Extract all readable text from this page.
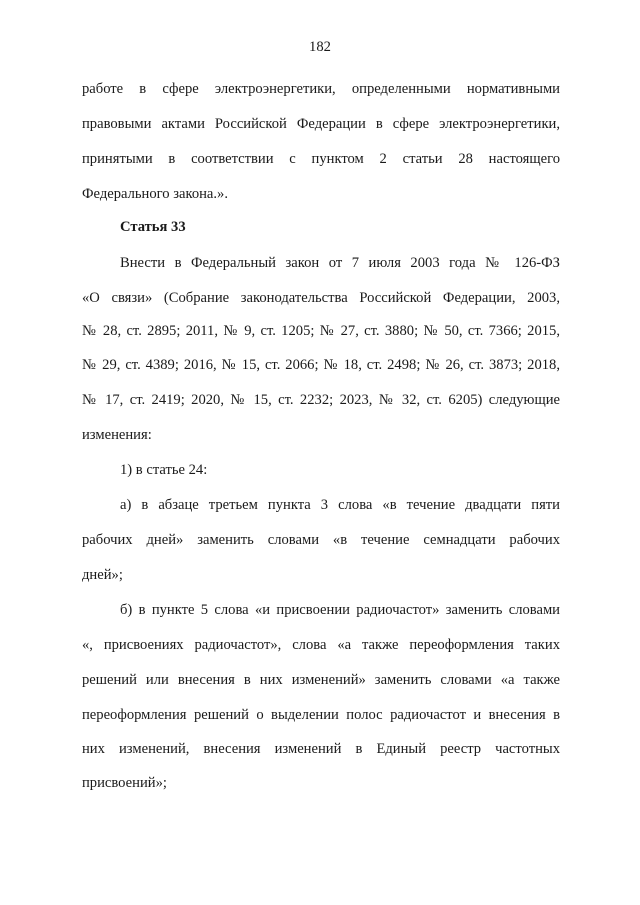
182
работе в сфере электроэнергетики, определенными нормативными
правовыми актами Российской Федерации в сфере электроэнергетики,
принятыми в соответствии с пунктом 2 статьи 28 настоящего
Федерального закона.».
Статья 33
Внести в Федеральный закон от 7 июля 2003 года № 126-ФЗ
«О связи» (Собрание законодательства Российской Федерации, 2003,
№ 28, ст. 2895; 2011, № 9, ст. 1205; № 27, ст. 3880; № 50, ст. 7366; 2015,
№ 29, ст. 4389; 2016, № 15, ст. 2066; № 18, ст. 2498; № 26, ст. 3873; 2018,
№ 17, ст. 2419; 2020, № 15, ст. 2232; 2023, № 32, ст. 6205) следующие
изменения:
1) в статье 24:
а) в абзаце третьем пункта 3 слова «в течение двадцати пяти
рабочих дней» заменить словами «в течение семнадцати рабочих
дней»;
б) в пункте 5 слова «и присвоении радиочастот» заменить словами
«, присвоениях радиочастот», слова «а также переоформления таких
решений или внесения в них изменений» заменить словами «а также
переоформления решений о выделении полос радиочастот и внесения в
них изменений, внесения изменений в Единый реестр частотных
присвоений»;
